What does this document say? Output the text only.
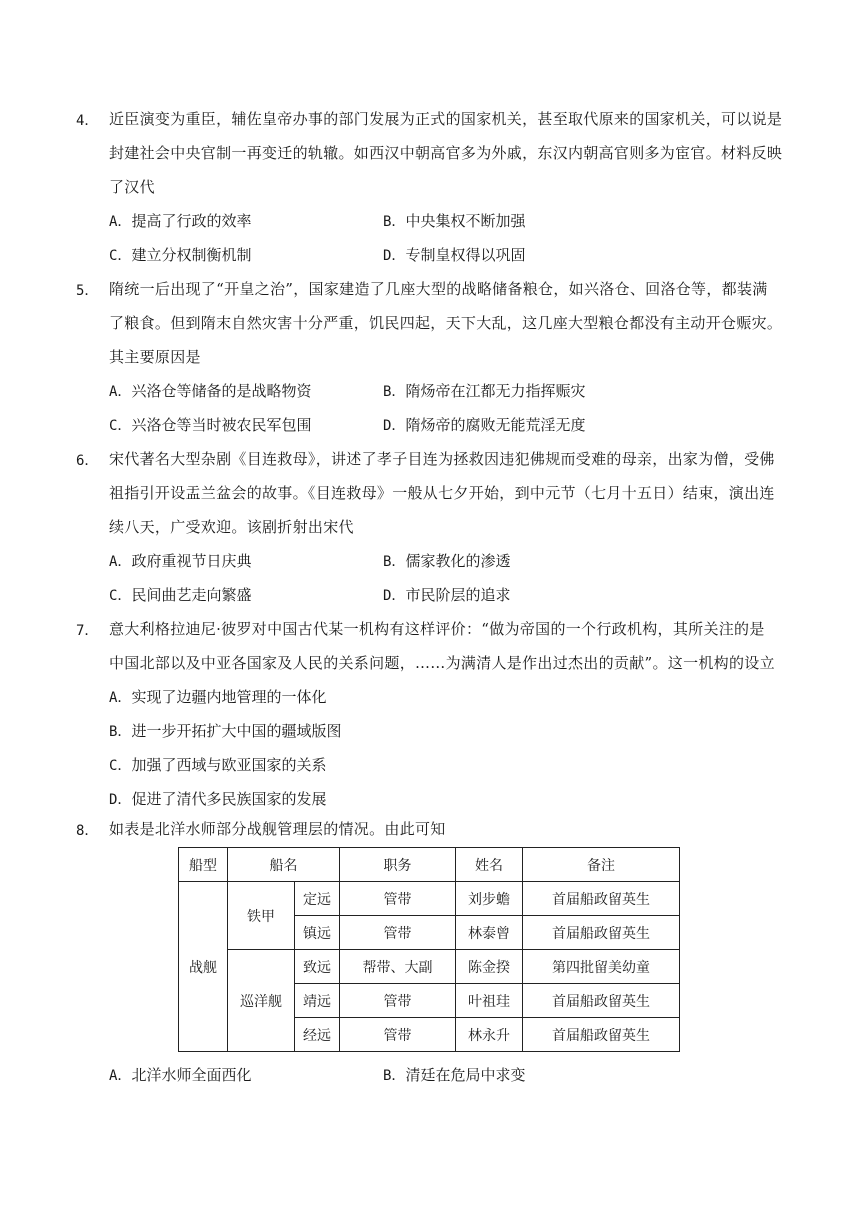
4． 近臣演变为重臣，辅佐皇帝办事的部门发展为正式的国家机关，甚至取代原来的国家机关，可以说是
封建社会中央官制一再变迁的轨辙。如西汉中朝高官多为外戚，东汉内朝高官则多为宦官。材料反映
了汉代
A．提高了行政的效率	B．中央集权不断加强
C．建立分权制衡机制	D．专制皇权得以巩固
5． 隋统一后出现了“开皇之治”，国家建造了几座大型的战略储备粮仓，如兴洛仓、回洛仓等，都装满
了粮食。但到隋末自然灾害十分严重，饥民四起，天下大乱，这几座大型粮仓都没有主动开仓赈灾。
其主要原因是
A．兴洛仓等储备的是战略物资	B．隋炀帝在江都无力指挥赈灾
C．兴洛仓等当时被农民军包围	D．隋炀帝的腐败无能荒淫无度
6． 宋代著名大型杂剧《目连救母》，讲述了孝子目连为拯救因违犯佛规而受难的母亲，出家为僧，受佛
祖指引开设盂兰盆会的故事。《目连救母》一般从七夕开始，到中元节（七月十五日）结束，演出连
续八天，广受欢迎。该剧折射出宋代
A．政府重视节日庆典	B．儒家教化的渗透
C．民间曲艺走向繁盛	D．市民阶层的追求
7． 意大利格拉迪尼·彼罗对中国古代某一机构有这样评价：“做为帝国的一个行政机构，其所关注的是
中国北部以及中亚各国家及人民的关系问题，……为满清人是作出过杰出的贡献”。这一机构的设立
A．实现了边疆内地管理的一体化
B．进一步开拓扩大中国的疆域版图
C．加强了西域与欧亚国家的关系
D．促进了清代多民族国家的发展
8． 如表是北洋水师部分战舰管理层的情况。由此可知
船型	船名		职务	姓名	备注
战舰	铁甲	定远	管带	刘步蟾	首届船政留英生
		镇远	管带	林泰曾	首届船政留英生
	巡洋舰	致远	帮带、大副	陈金揆	第四批留美幼童
		靖远	管带	叶祖珪	首届船政留英生
		经远	管带	林永升	首届船政留英生
A．北洋水师全面西化	B．清廷在危局中求变
